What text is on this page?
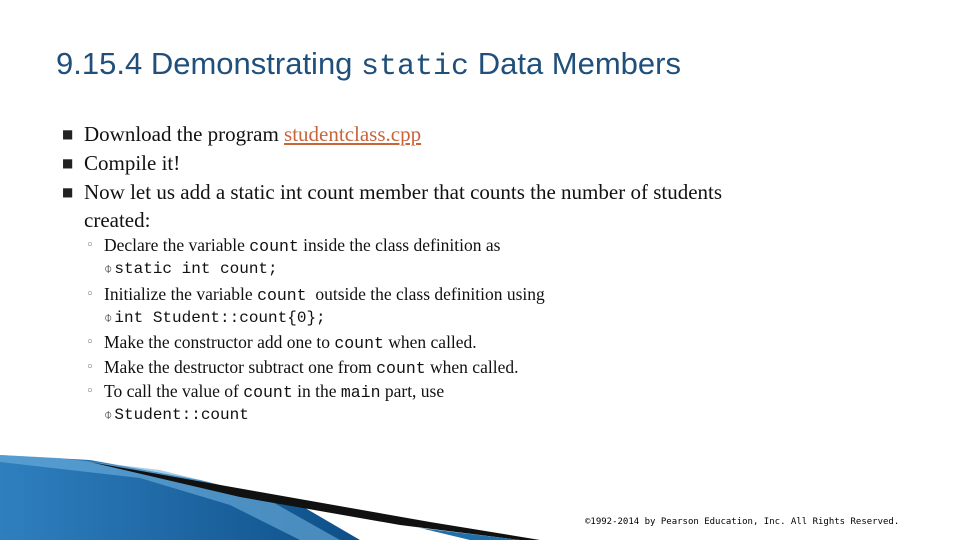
9.15.4 Demonstrating static Data Members
■ Download the program studentclass.cpp
■ Compile it!
■ Now let us add a static int count member that counts the number of students
created:
◦ Declare the variable count inside the class definition as
⌽ static int count;
◦ Initialize the variable count  outside the class definition using
⌽ int Student::count{0};
◦ Make the constructor add one to count when called.
◦ Make the destructor subtract one from count when called.
◦ To call the value of count in the main part, use
⌽ Student::count
©1992-2014 by Pearson Education, Inc. All Rights Reserved.
